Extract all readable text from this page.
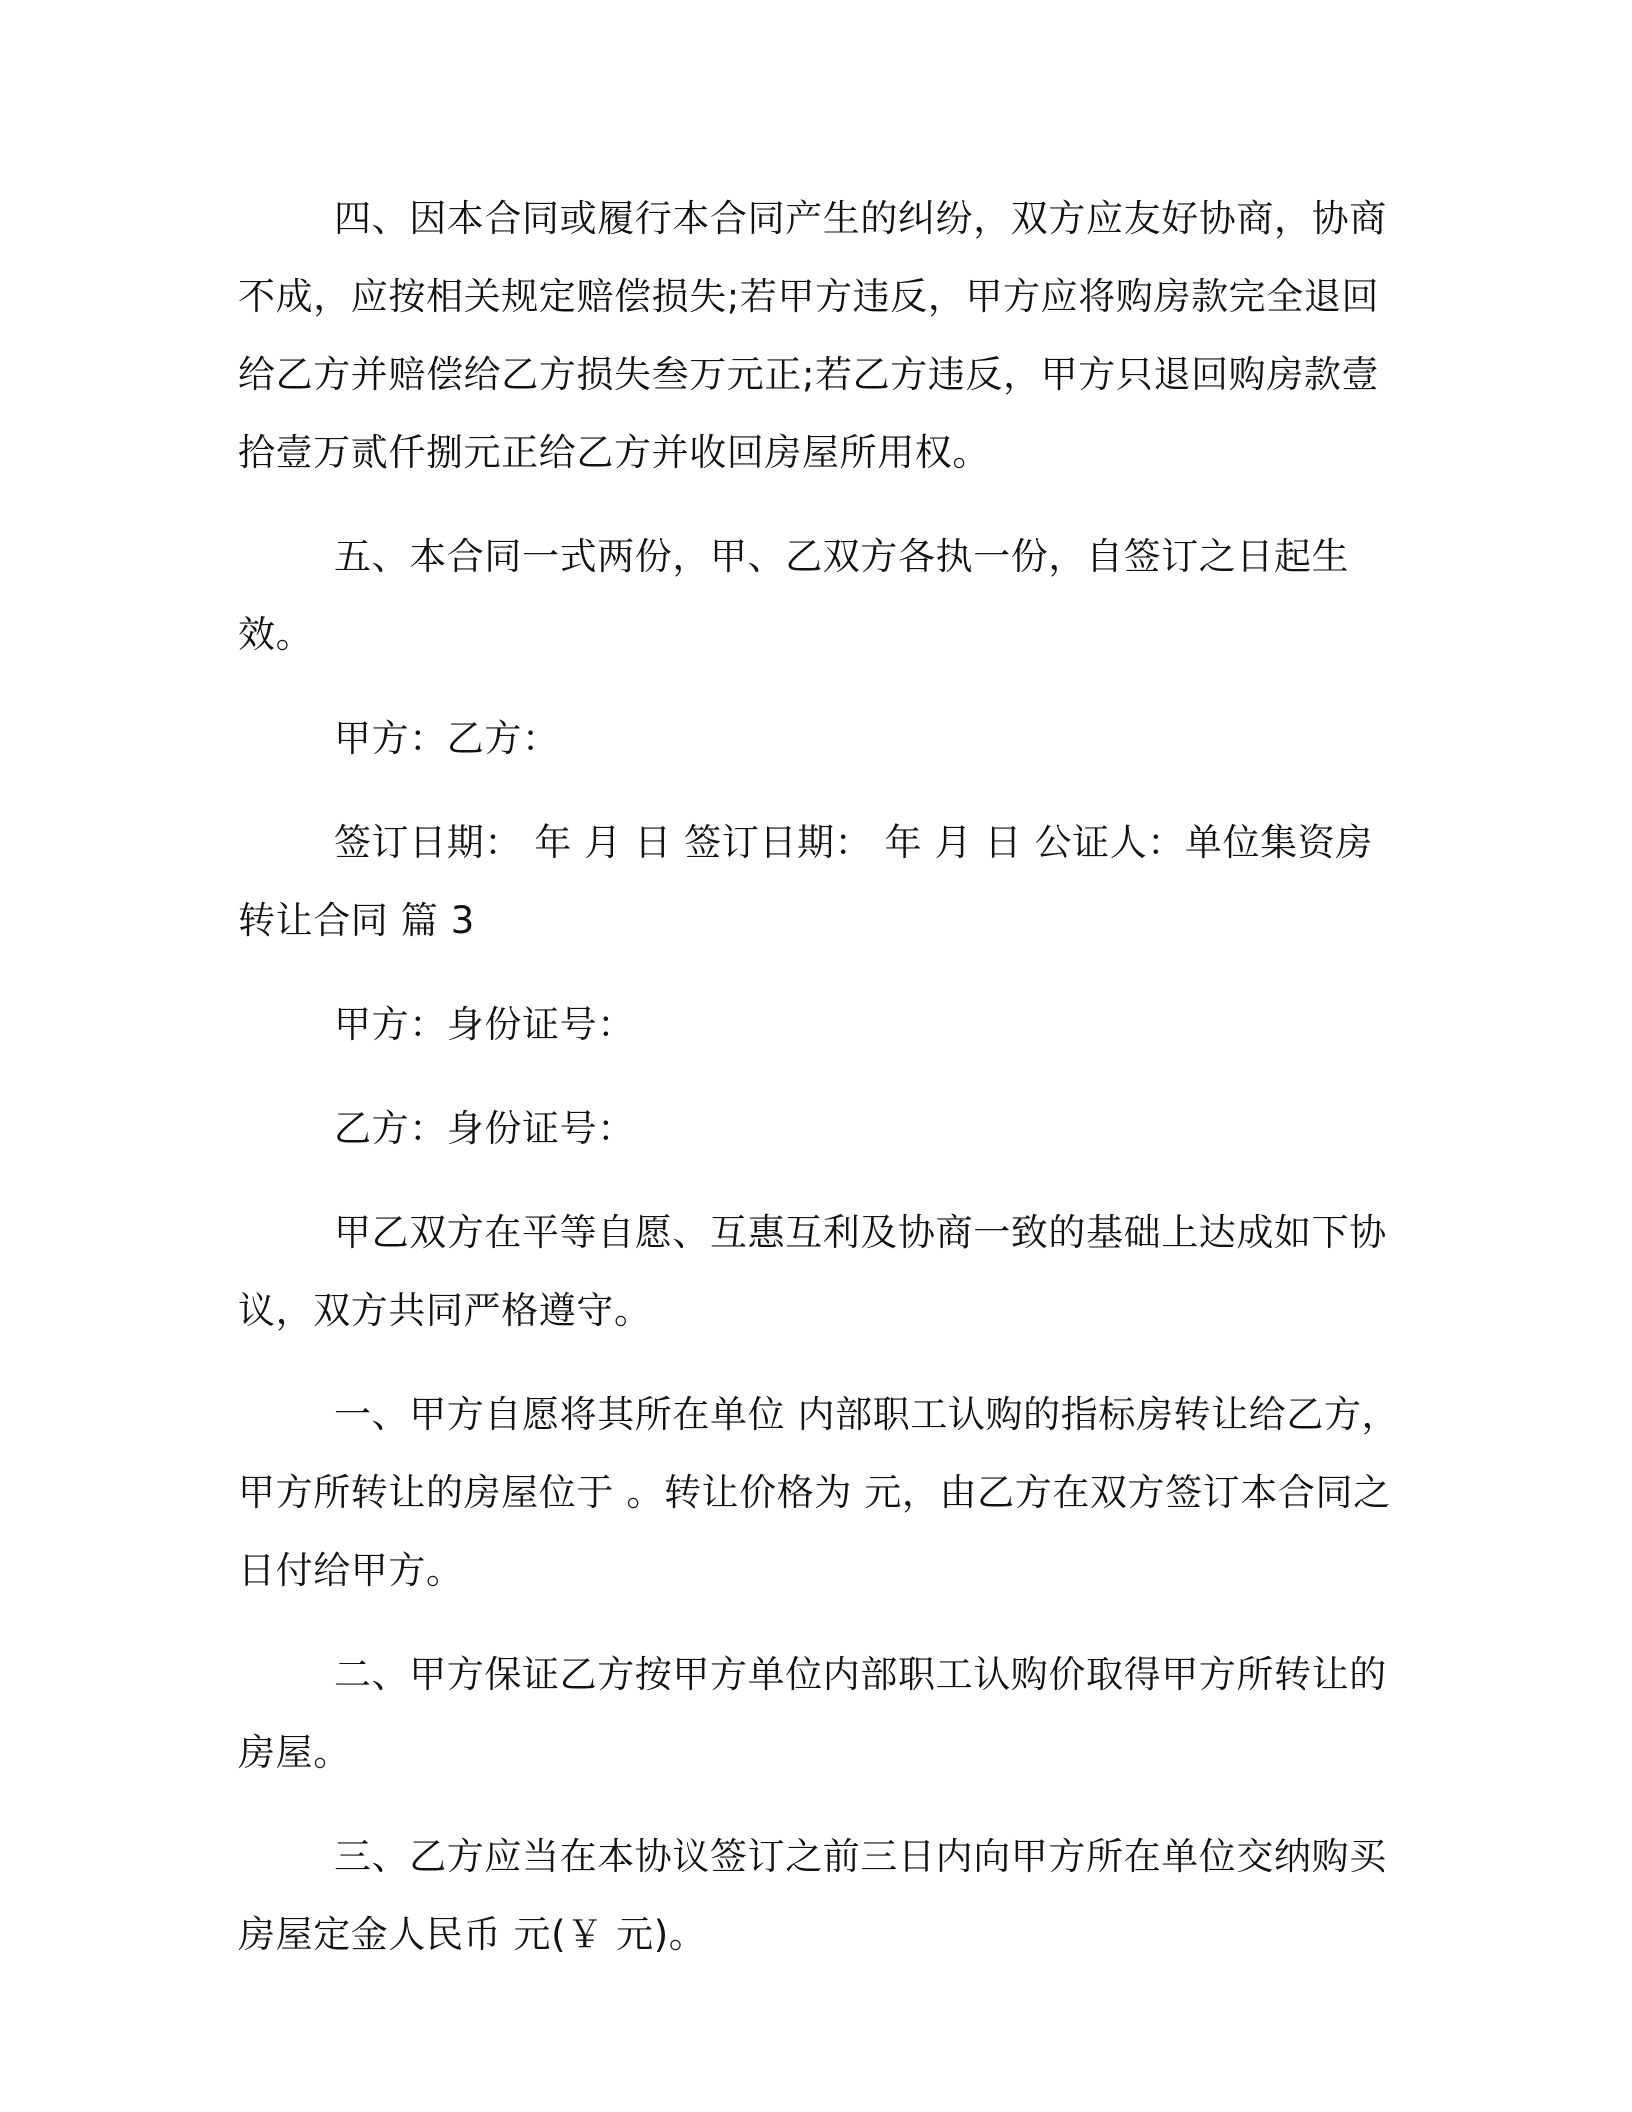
四、因本合同或履行本合同产生的纠纷，双方应友好协商，协商不成，应按相关规定赔偿损失;若甲方违反，甲方应将购房款完全退回给乙方并赔偿给乙方损失叁万元正;若乙方违反，甲方只退回购房款壹拾壹万贰仟捌元正给乙方并收回房屋所用权。

五、本合同一式两份，甲、乙双方各执一份，自签订之日起生效。

甲方：乙方：

签订日期： 年 月 日 签订日期： 年 月 日 公证人：单位集资房转让合同 篇 3

甲方：身份证号：

乙方：身份证号：

甲乙双方在平等自愿、互惠互利及协商一致的基础上达成如下协议，双方共同严格遵守。

一、甲方自愿将其所在单位 内部职工认购的指标房转让给乙方，甲方所转让的房屋位于 。转让价格为 元，由乙方在双方签订本合同之日付给甲方。

二、甲方保证乙方按甲方单位内部职工认购价取得甲方所转让的房屋。

三、乙方应当在本协议签订之前三日内向甲方所在单位交纳购买房屋定金人民币 元(￥ 元)。
